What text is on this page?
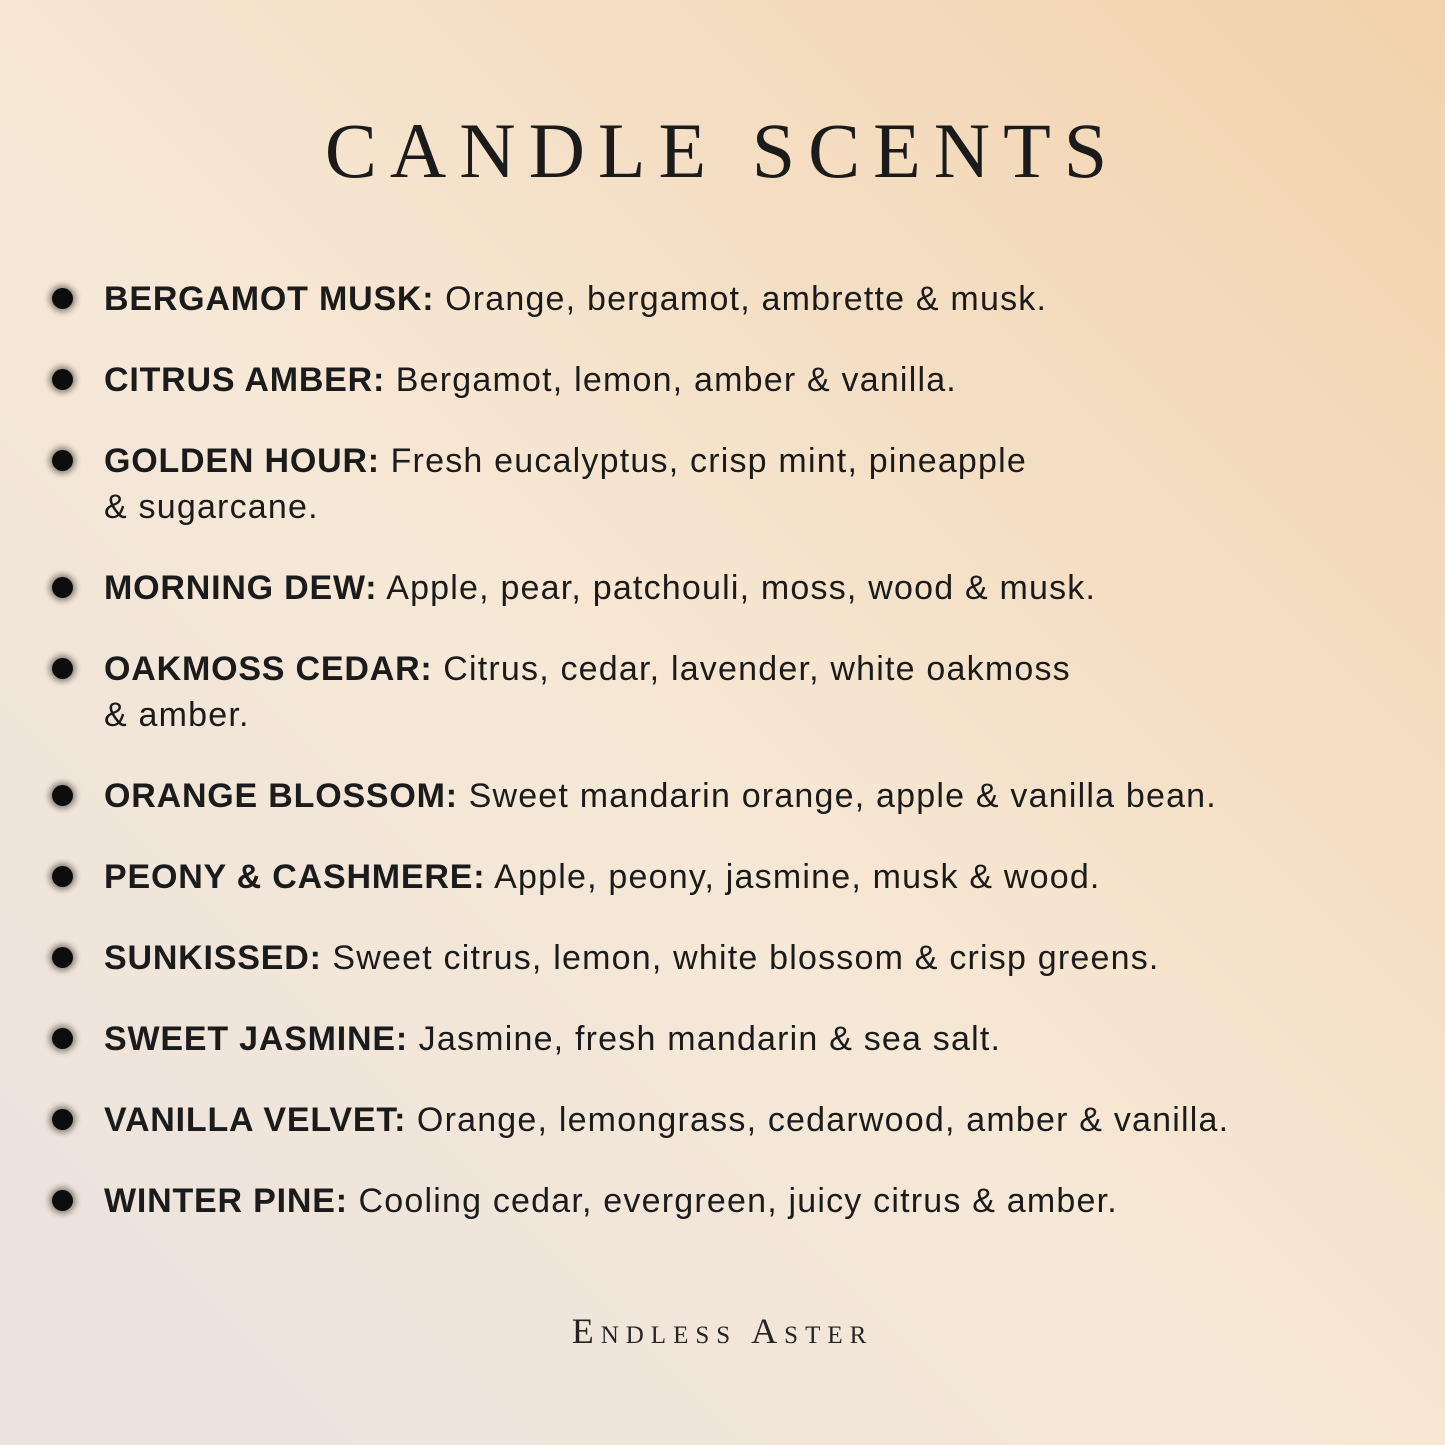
CANDLE SCENTS

BERGAMOT MUSK: Orange, bergamot, ambrette & musk.

CITRUS AMBER: Bergamot, lemon, amber & vanilla.

GOLDEN HOUR: Fresh eucalyptus, crisp mint, pineapple
& sugarcane.

MORNING DEW: Apple, pear, patchouli, moss, wood & musk.

OAKMOSS CEDAR: Citrus, cedar, lavender, white oakmoss
& amber.

ORANGE BLOSSOM: Sweet mandarin orange, apple & vanilla bean.

PEONY & CASHMERE: Apple, peony, jasmine, musk & wood.

SUNKISSED: Sweet citrus, lemon, white blossom & crisp greens.

SWEET JASMINE: Jasmine, fresh mandarin & sea salt.

VANILLA VELVET: Orange, lemongrass, cedarwood, amber & vanilla.

WINTER PINE: Cooling cedar, evergreen, juicy citrus & amber.

Endless Aster
